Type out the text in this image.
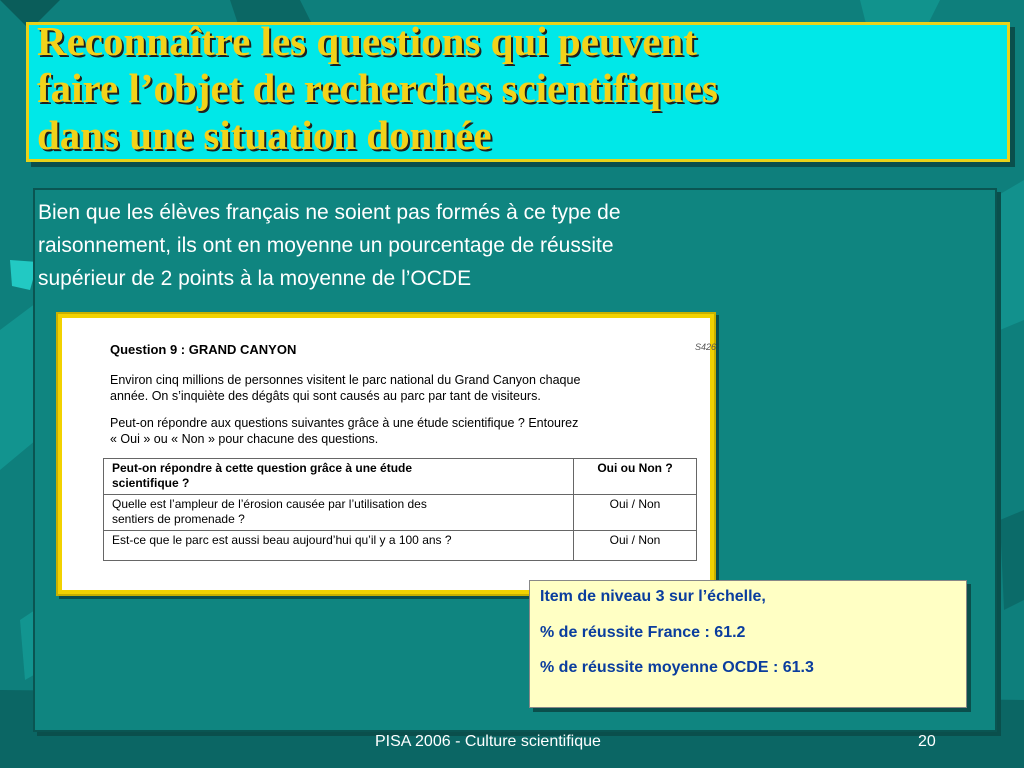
Reconnaître les questions qui peuvent
faire l’objet de recherches scientifiques
dans une situation donnée
Bien que les élèves français ne soient pas formés à ce type de
raisonnement, ils ont en moyenne un pourcentage de réussite
supérieur de 2 points à la moyenne de l’OCDE
Question 9 : GRAND CANYON	S426
Environ cinq millions de personnes visitent le parc national du Grand Canyon chaque
année. On s’inquiète des dégâts qui sont causés au parc par tant de visiteurs.
Peut-on répondre aux questions suivantes grâce à une étude scientifique ? Entourez
« Oui » ou « Non » pour chacune des questions.
Peut-on répondre à cette question grâce à une étude
scientifique ?	Oui ou Non ?

Quelle est l’ampleur de l’érosion causée par l’utilisation des
sentiers de promenade ?	Oui / Non

Est-ce que le parc est aussi beau aujourd’hui qu’il y a 100 ans ?	Oui / Non
Item de niveau 3 sur l’échelle,
% de réussite France : 61.2
% de réussite moyenne OCDE : 61.3
PISA 2006 - Culture scientifique	20
